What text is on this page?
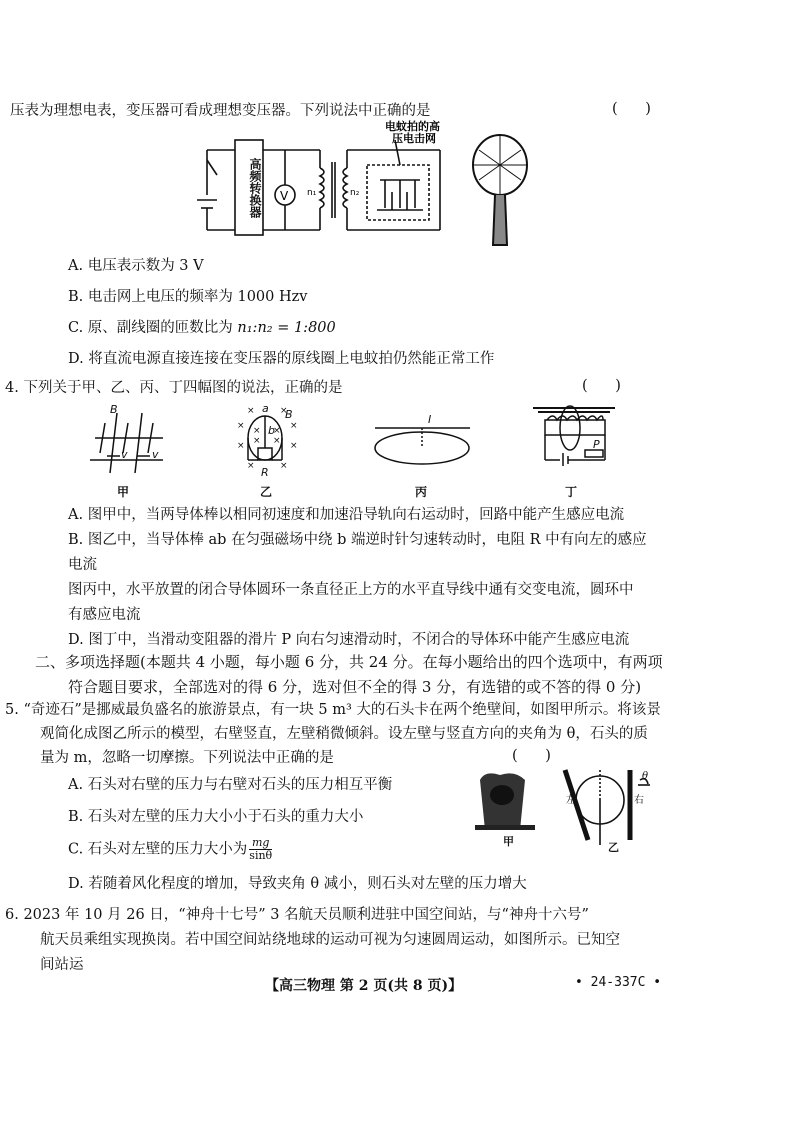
压表为理想电表，变压器可看成理想变压器。下列说法中正确的是	(      )
V n₁	n₂
电蚊拍的高
压电击网
高频转换器
A. 电压表示数为 3 V
B. 电击网上电压的频率为 1000 Hzv
C. 原、副线圈的匝数比为 n₁:n₂ = 1:800
D. 将直流电源直接连接在变压器的原线圈上电蚊拍仍然能正常工作
4. 下列关于甲、乙、丙、丁四幅图的说法，正确的是	(      )
×	×
×	×
×	×
× ×
× ×
×	×
B
v v
a
b
B
R
I
P
甲	乙	丙	丁
A. 图甲中，当两导体棒以相同初速度和加速沿导轨向右运动时，回路中能产生感应电流
B. 图乙中，当导体棒 ab 在匀强磁场中绕 b 端逆时针匀速转动时，电阻 R 中有向左的感应
电流
图丙中，水平放置的闭合导体圆环一条直径正上方的水平直导线中通有交变电流，圆环中
有感应电流
D. 图丁中，当滑动变阻器的滑片 P 向右匀速滑动时，不闭合的导体环中能产生感应电流
二、多项选择题(本题共 4 小题，每小题 6 分，共 24 分。在每小题给出的四个选项中，有两项
符合题目要求，全部选对的得 6 分，选对但不全的得 3 分，有选错的或不答的得 0 分)
5. “奇迹石”是挪威最负盛名的旅游景点，有一块 5 m³ 大的石头卡在两个绝壁间，如图甲所示。将该景
观简化成图乙所示的模型，右壁竖直，左壁稍微倾斜。设左壁与竖直方向的夹角为 θ，石头的质
量为 m，忽略一切摩擦。下列说法中正确的是	(      )
A. 石头对右壁的压力与右壁对石头的压力相互平衡
B. 石头对左壁的压力大小小于石头的重力大小
C. 石头对左壁的压力大小为 $\frac{mg}{\sin\theta}$
D. 若随着风化程度的增加，导致夹角 θ 减小，则石头对左壁的压力增大
左	右
θ
甲	乙
6. 2023 年 10 月 26 日，“神舟十七号” 3 名航天员顺利进驻中国空间站，与“神舟十六号”
航天员乘组实现换岗。若中国空间站绕地球的运动可视为匀速圆周运动，如图所示。已知空
间站运
【高三物理 第 2 页(共 8 页)】	• 24-337C •
